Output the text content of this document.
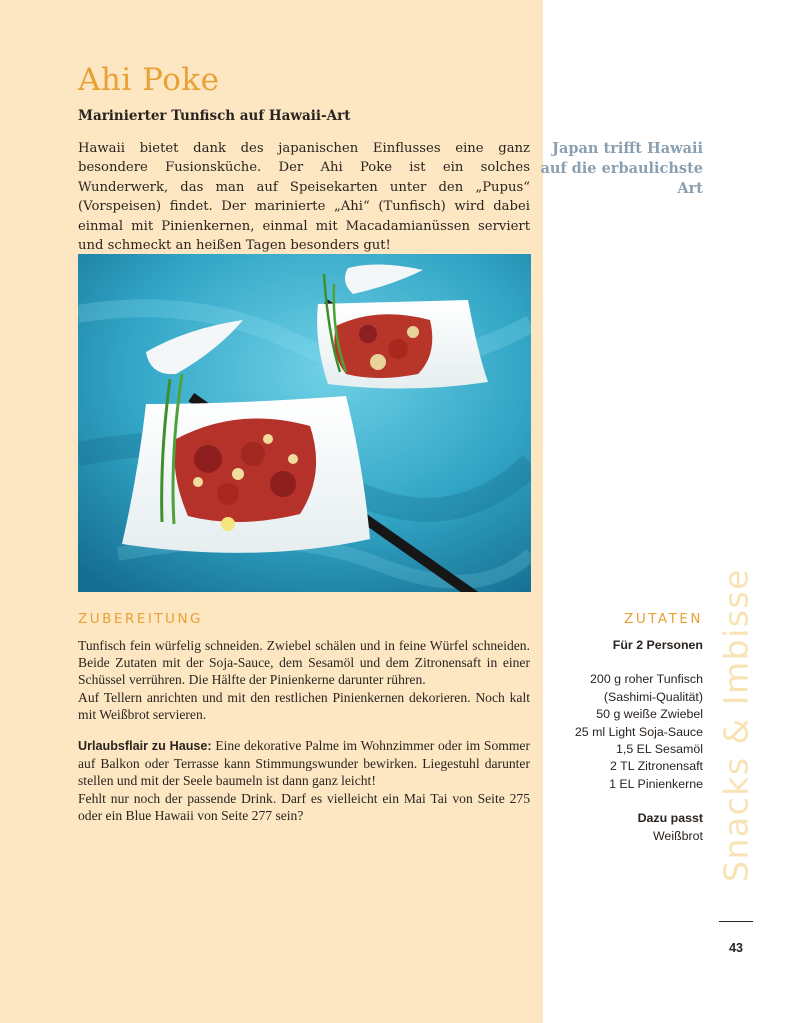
Ahi Poke
Marinierter Tunfisch auf Hawaii-Art

Hawaii bietet dank des japanischen Einflusses eine ganz besondere Fusionsküche. Der Ahi Poke ist ein solches Wunderwerk, das man auf Speisekarten unter den „Pupus“ (Vorspeisen) findet. Der marinierte „Ahi“ (Tunfisch) wird dabei einmal mit Pinienkernen, einmal mit Macadamianüssen serviert und schmeckt an heißen Tagen besonders gut!

ZUBEREITUNG

Tunfisch fein würfelig schneiden. Zwiebel schälen und in feine Würfel schneiden. Beide Zutaten mit der Soja-Sauce, dem Sesamöl und dem Zitronensaft in einer Schüssel verrühren. Die Hälfte der Pinienkerne darunter rühren.

Auf Tellern anrichten und mit den restlichen Pinienkernen dekorieren. Noch kalt mit Weißbrot servieren.

Urlaubsflair zu Hause: Eine dekorative Palme im Wohnzimmer oder im Sommer auf Balkon oder Terrasse kann Stimmungswunder bewirken. Liegestuhl darunter stellen und mit der Seele baumeln ist dann ganz leicht!

Fehlt nur noch der passende Drink. Darf es vielleicht ein Mai Tai von Seite 275 oder ein Blue Hawaii von Seite 277 sein?

Japan trifft Hawaii auf die erbaulichste Art

ZUTATEN
Für 2 Personen
200 g roher Tunfisch
(Sashimi-Qualität)
50 g weiße Zwiebel
25 ml Light Soja-Sauce
1,5 EL Sesamöl
2 TL Zitronensaft
1 EL Pinienkerne
Dazu passt
Weißbrot Snacks & Imbisse
43
